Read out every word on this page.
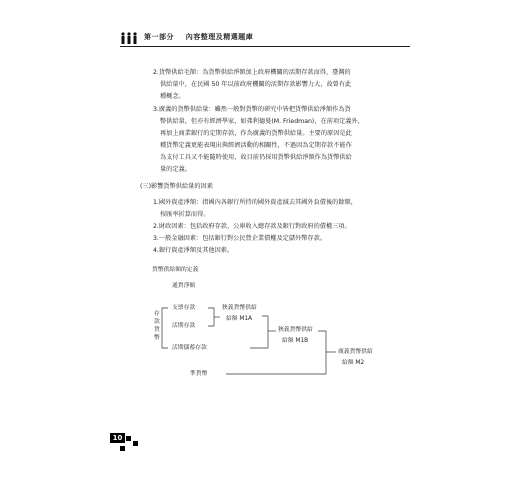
第一部分 內容整理及精選題庫
2.貨幣供給毛額：為貨幣供給淨額加上政府機關的活期存款而得，臺灣的
供給量中，在民國 50 年以前政府機關的活期存款影響力大，故曾有此
種概念。
3.廣義的貨幣供給量：雖然一般對貨幣的研究中皆把貨幣供給淨額作為貨
幣供給量，但亦有經濟學家，如弗利德曼(M. Friedman)，在前項定義外，
再加上商業銀行的定期存款，作為廣義的貨幣供給量。主要的原因是此
種貨幣定義更能表現出與經濟活動的相關性，不過因為定期存款不能作
為支付工具又不能隨時使用，故目前仍採用貨幣供給淨額作為貨幣供給
量的定義。
(三)影響貨幣供給量的因素
1.國外資產淨額：指國內各銀行所持的國外資產減去其國外負債後的餘額，
按匯率折算而得。
2.財政因素：包括政府存款、公庫收入總存款及銀行對政府的債權三項。
3.一般金融因素：包括銀行對公民營企業債權及定儲外幣存款。
4.銀行資產淨額及其他因素。
貨幣供給額的定義
通貨淨額
存款貨幣
支票存款
活期存款
活期儲蓄存款
狹義貨幣供給
給額 M1A
狹義貨幣供給
給額 M1B
廣義貨幣供給
給額 M2
準貨幣
10
